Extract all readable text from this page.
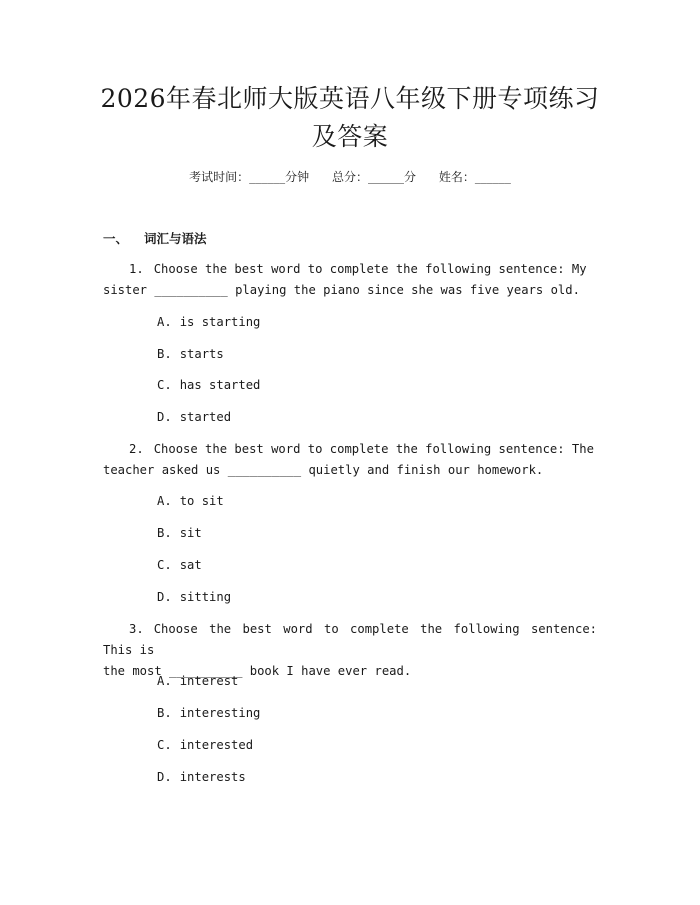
2026年春北师大版英语八年级下册专项练习
及答案
考试时间：______分钟 总分：______分 姓名：______
一、 词汇与语法

1. Choose the best word to complete the following sentence: My
sister __________ playing the piano since she was five years old.

A. is starting
B. starts
C. has started
D. started

2. Choose the best word to complete the following sentence: The
teacher asked us __________ quietly and finish our homework.

A. to sit
B. sit
C. sat
D. sitting

3. Choose the best word to complete the following sentence: This is
the most __________ book I have ever read.

A. interest
B. interesting
C. interested
D. interests
